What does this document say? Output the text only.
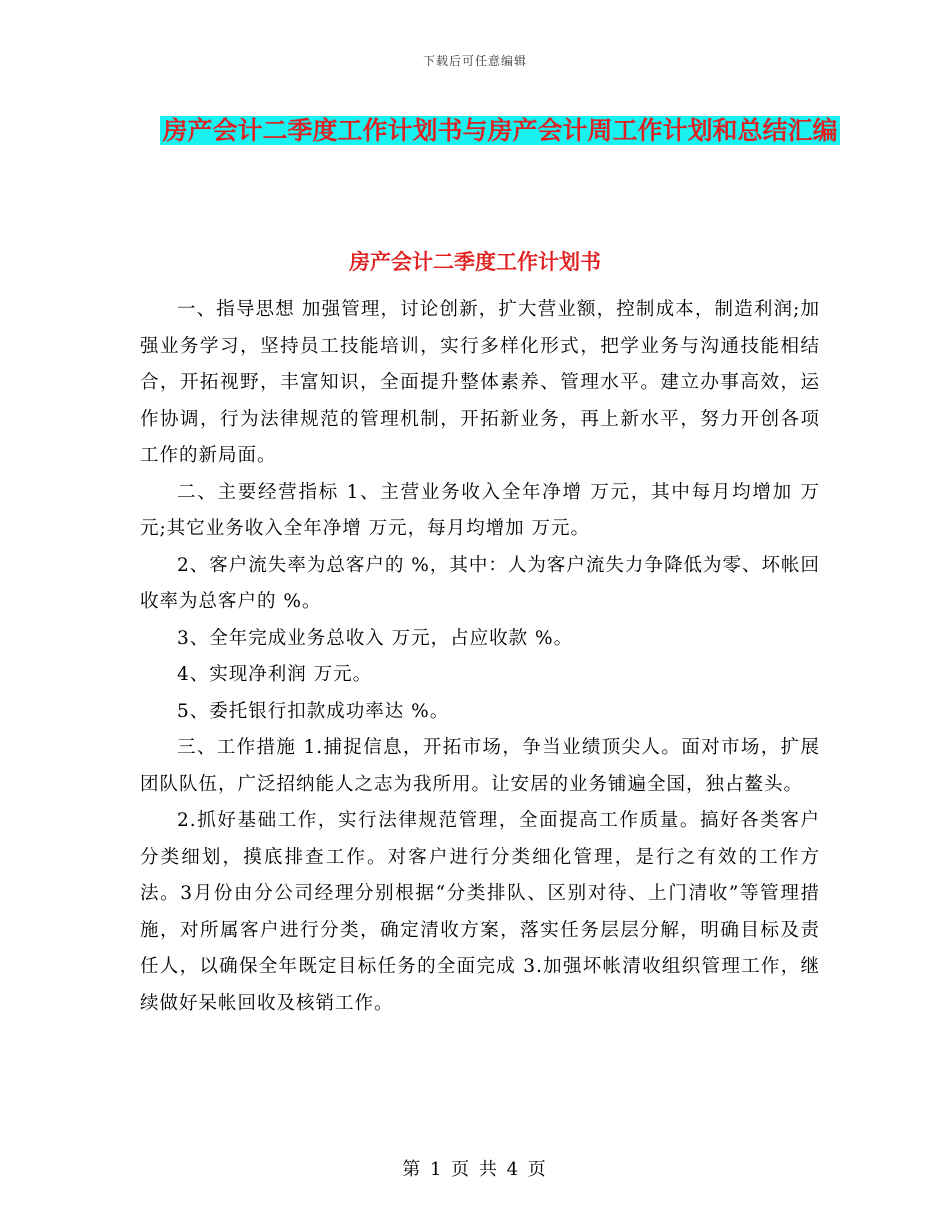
下载后可任意编辑
房产会计二季度工作计划书与房产会计周工作计划和总结汇编
房产会计二季度工作计划书

一、指导思想 加强管理，讨论创新，扩大营业额，控制成本，制造利润;加强业务学习，坚持员工技能培训，实行多样化形式，把学业务与沟通技能相结合，开拓视野，丰富知识，全面提升整体素养、管理水平。建立办事高效，运作协调，行为法律规范的管理机制，开拓新业务，再上新水平，努力开创各项工作的新局面。

二、主要经营指标 1、主营业务收入全年净增 万元，其中每月均增加 万元;其它业务收入全年净增 万元，每月均增加 万元。

2、客户流失率为总客户的 %，其中：人为客户流失力争降低为零、坏帐回收率为总客户的 %。

3、全年完成业务总收入 万元，占应收款 %。

4、实现净利润 万元。

5、委托银行扣款成功率达 %。

三、工作措施 1.捕捉信息，开拓市场，争当业绩顶尖人。面对市场，扩展团队队伍，广泛招纳能人之志为我所用。让安居的业务铺遍全国，独占鳌头。

2.抓好基础工作，实行法律规范管理，全面提高工作质量。搞好各类客户分类细划，摸底排查工作。对客户进行分类细化管理，是行之有效的工作方法。3月份由分公司经理分别根据“分类排队、区别对待、上门清收”等管理措施，对所属客户进行分类，确定清收方案，落实任务层层分解，明确目标及责任人，以确保全年既定目标任务的全面完成 3.加强坏帐清收组织管理工作，继续做好呆帐回收及核销工作。

第 1 页 共 4 页
